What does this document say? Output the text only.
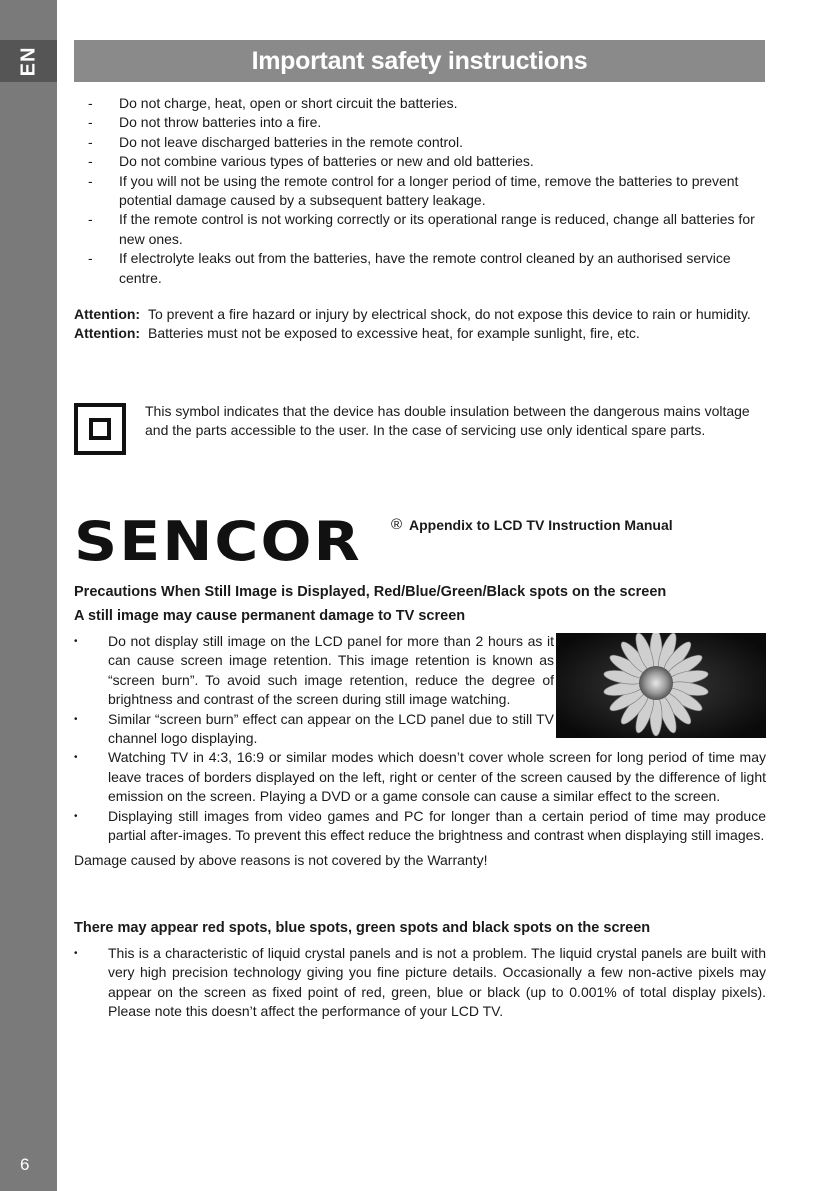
EN
6
Important safety instructions
- Do not charge, heat, open or short circuit the batteries.
- Do not throw batteries into a fire.
- Do not leave discharged batteries in the remote control.
- Do not combine various types of batteries or new and old batteries.
- If you will not be using the remote control for a longer period of time, remove the batteries to prevent potential damage caused by a subsequent battery leakage.
- If the remote control is not working correctly or its operational range is reduced, change all batteries for new ones.
- If electrolyte leaks out from the batteries, have the remote control cleaned by an authorised service centre.
Attention: To prevent a fire hazard or injury by electrical shock, do not expose this device to rain or humidity.
Attention: Batteries must not be exposed to excessive heat, for example sunlight, fire, etc.
This symbol indicates that the device has double insulation between the dangerous mains voltage and the parts accessible to the user. In the case of servicing use only identical spare parts.
SENCOR ® Appendix to LCD TV Instruction Manual
Precautions When Still Image is Displayed, Red/Blue/Green/Black spots on the screen
A still image may cause permanent damage to TV screen
• Do not display still image on the LCD panel for more than 2 hours as it can cause screen image retention. This image retention is known as “screen burn”. To avoid such image retention, reduce the degree of brightness and contrast of the screen during still image watching.
• Similar “screen burn” effect can appear on the LCD panel due to still TV channel logo displaying.
• Watching TV in 4:3, 16:9 or similar modes which doesn’t cover whole screen for long period of time may leave traces of borders displayed on the left, right or center of the screen caused by the difference of light emission on the screen. Playing a DVD or a game console can cause a similar effect to the screen.
• Displaying still images from video games and PC for longer than a certain period of time may produce partial after-images. To prevent this effect reduce the brightness and contrast when displaying still images.
Damage caused by above reasons is not covered by the Warranty!
There may appear red spots, blue spots, green spots and black spots on the screen
• This is a characteristic of liquid crystal panels and is not a problem. The liquid crystal panels are built with very high precision technology giving you fine picture details. Occasionally a few non-active pixels may appear on the screen as fixed point of red, green, blue or black (up to 0.001% of total display pixels). Please note this doesn’t affect the performance of your LCD TV.
